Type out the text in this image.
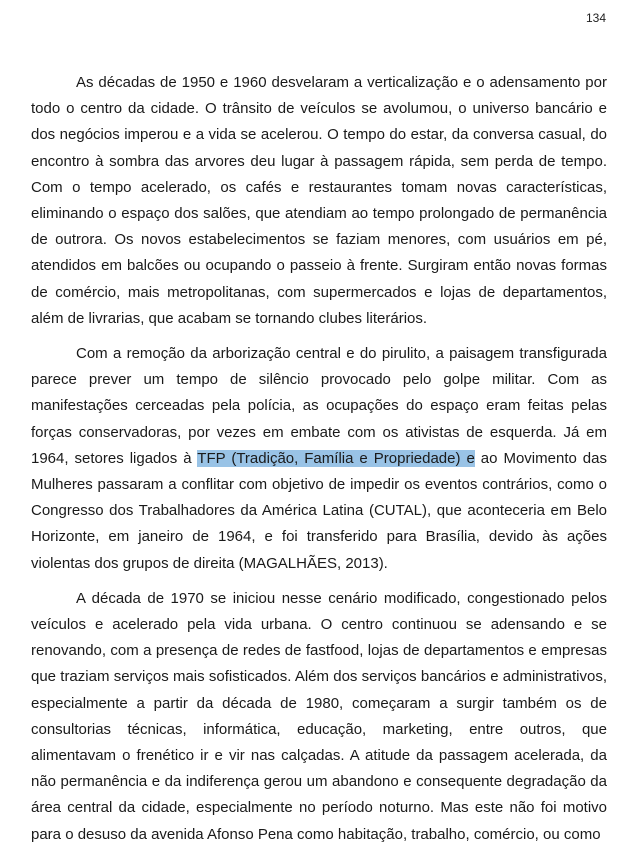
134

As décadas de 1950 e 1960 desvelaram a verticalização e o adensamento por todo o centro da cidade. O trânsito de veículos se avolumou, o universo bancário e dos negócios imperou e a vida se acelerou. O tempo do estar, da conversa casual, do encontro à sombra das arvores deu lugar à passagem rápida, sem perda de tempo. Com o tempo acelerado, os cafés e restaurantes tomam novas características, eliminando o espaço dos salões, que atendiam ao tempo prolongado de permanência de outrora. Os novos estabelecimentos se faziam menores, com usuários em pé, atendidos em balcões ou ocupando o passeio à frente. Surgiram então novas formas de comércio, mais metropolitanas, com supermercados e lojas de departamentos, além de livrarias, que acabam se tornando clubes literários.

Com a remoção da arborização central e do pirulito, a paisagem transfigurada parece prever um tempo de silêncio provocado pelo golpe militar. Com as manifestações cerceadas pela polícia, as ocupações do espaço eram feitas pelas forças conservadoras, por vezes em embate com os ativistas de esquerda. Já em 1964, setores ligados à TFP (Tradição, Família e Propriedade) e ao Movimento das Mulheres passaram a conflitar com objetivo de impedir os eventos contrários, como o Congresso dos Trabalhadores da América Latina (CUTAL), que aconteceria em Belo Horizonte, em janeiro de 1964, e foi transferido para Brasília, devido às ações violentas dos grupos de direita (MAGALHÃES, 2013).

A década de 1970 se iniciou nesse cenário modificado, congestionado pelos veículos e acelerado pela vida urbana. O centro continuou se adensando e se renovando, com a presença de redes de fastfood, lojas de departamentos e empresas que traziam serviços mais sofisticados. Além dos serviços bancários e administrativos, especialmente a partir da década de 1980, começaram a surgir também os de consultorias técnicas, informática, educação, marketing, entre outros, que alimentavam o frenético ir e vir nas calçadas. A atitude da passagem acelerada, da não permanência e da indiferença gerou um abandono e consequente degradação da área central da cidade, especialmente no período noturno. Mas este não foi motivo para o desuso da avenida Afonso Pena como habitação, trabalho, comércio, ou como
